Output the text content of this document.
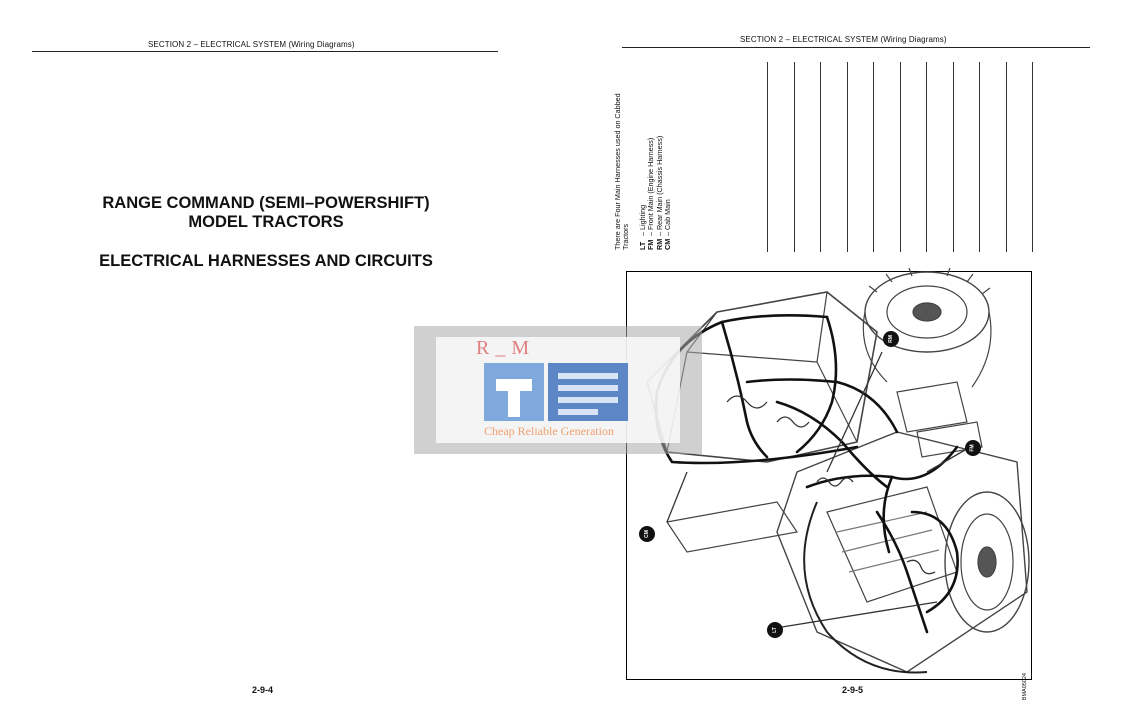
SECTION 2 – ELECTRICAL SYSTEM (Wiring Diagrams)
RANGE COMMAND (SEMI–POWERSHIFT)
MODEL TRACTORS
ELECTRICAL HARNESSES AND CIRCUITS
2-9-4
SECTION 2 – ELECTRICAL SYSTEM (Wiring Diagrams)
There are Four Main Harnesses used on Cabbed Tractors LT– Lighting
FM– Front Main (Engine Harness)
RM– Rear Main (Chassis Harness)
CM– Cab Main
RM
FM
CM
LT
BMA05024
2-9-5
R_M
Cheap Reliable Generation
